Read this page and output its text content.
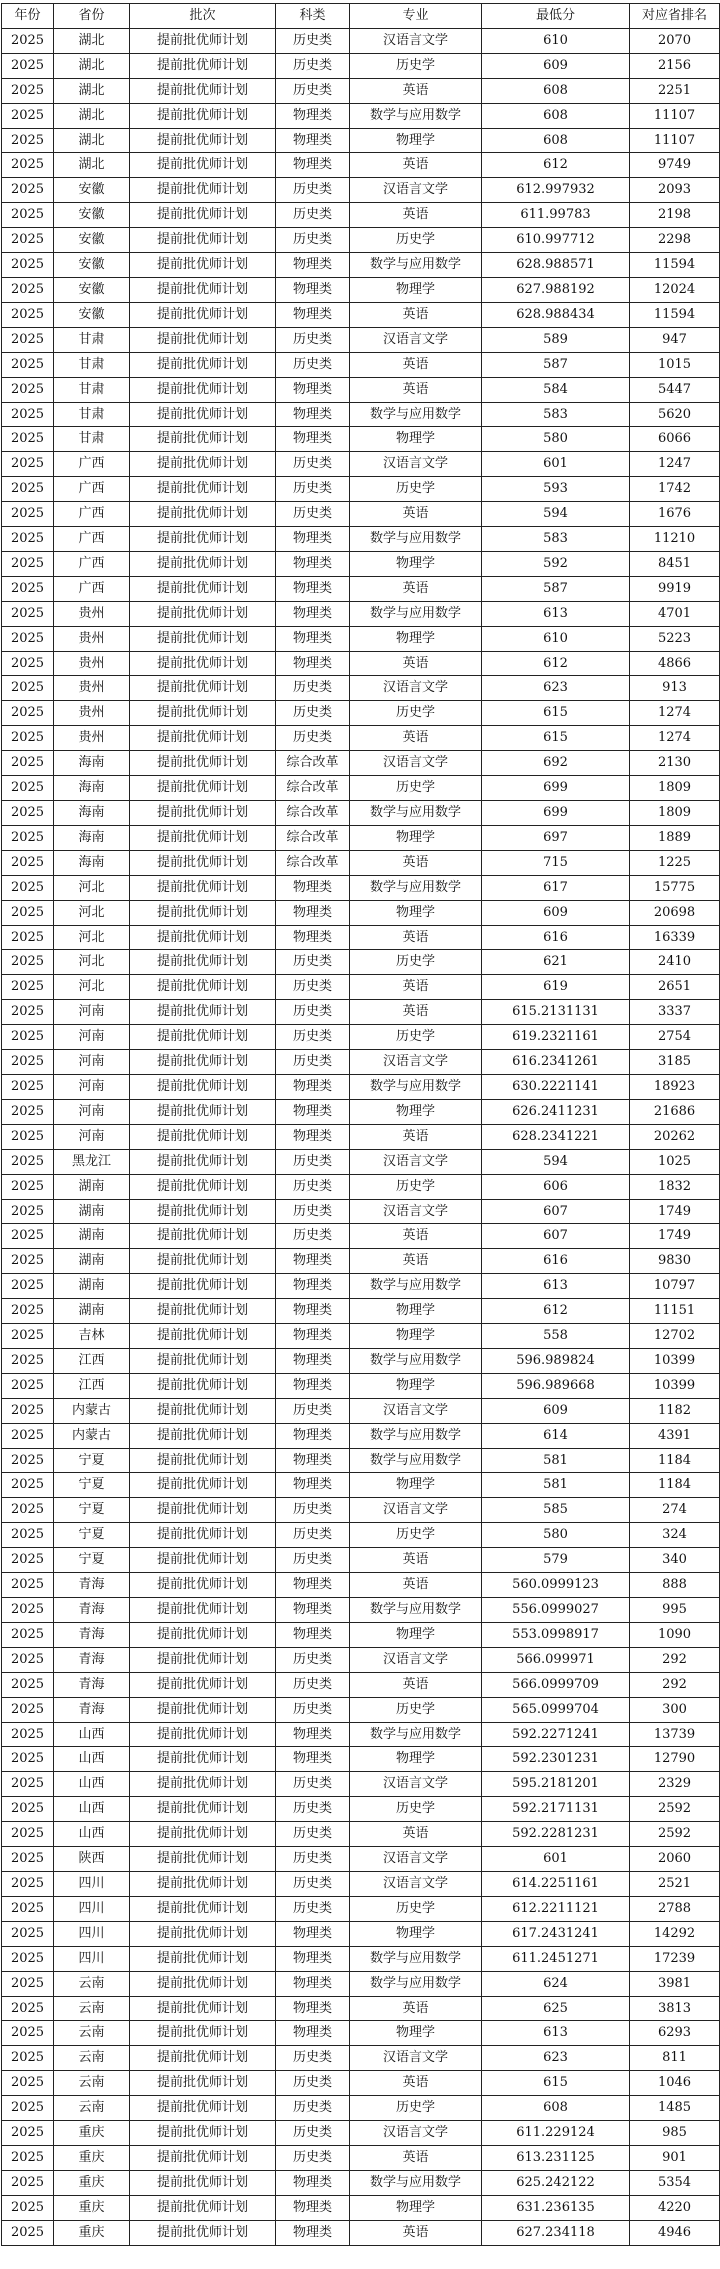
年份	省份	批次	科类	专业	最低分	对应省排名
2025	湖北	提前批优师计划	历史类	汉语言文学	610	2070
2025	湖北	提前批优师计划	历史类	历史学	609	2156
2025	湖北	提前批优师计划	历史类	英语	608	2251
2025	湖北	提前批优师计划	物理类	数学与应用数学	608	11107
2025	湖北	提前批优师计划	物理类	物理学	608	11107
2025	湖北	提前批优师计划	物理类	英语	612	9749
2025	安徽	提前批优师计划	历史类	汉语言文学	612.997932	2093
2025	安徽	提前批优师计划	历史类	英语	611.99783	2198
2025	安徽	提前批优师计划	历史类	历史学	610.997712	2298
2025	安徽	提前批优师计划	物理类	数学与应用数学	628.988571	11594
2025	安徽	提前批优师计划	物理类	物理学	627.988192	12024
2025	安徽	提前批优师计划	物理类	英语	628.988434	11594
2025	甘肃	提前批优师计划	历史类	汉语言文学	589	947
2025	甘肃	提前批优师计划	历史类	英语	587	1015
2025	甘肃	提前批优师计划	物理类	英语	584	5447
2025	甘肃	提前批优师计划	物理类	数学与应用数学	583	5620
2025	甘肃	提前批优师计划	物理类	物理学	580	6066
2025	广西	提前批优师计划	历史类	汉语言文学	601	1247
2025	广西	提前批优师计划	历史类	历史学	593	1742
2025	广西	提前批优师计划	历史类	英语	594	1676
2025	广西	提前批优师计划	物理类	数学与应用数学	583	11210
2025	广西	提前批优师计划	物理类	物理学	592	8451
2025	广西	提前批优师计划	物理类	英语	587	9919
2025	贵州	提前批优师计划	物理类	数学与应用数学	613	4701
2025	贵州	提前批优师计划	物理类	物理学	610	5223
2025	贵州	提前批优师计划	物理类	英语	612	4866
2025	贵州	提前批优师计划	历史类	汉语言文学	623	913
2025	贵州	提前批优师计划	历史类	历史学	615	1274
2025	贵州	提前批优师计划	历史类	英语	615	1274
2025	海南	提前批优师计划	综合改革	汉语言文学	692	2130
2025	海南	提前批优师计划	综合改革	历史学	699	1809
2025	海南	提前批优师计划	综合改革	数学与应用数学	699	1809
2025	海南	提前批优师计划	综合改革	物理学	697	1889
2025	海南	提前批优师计划	综合改革	英语	715	1225
2025	河北	提前批优师计划	物理类	数学与应用数学	617	15775
2025	河北	提前批优师计划	物理类	物理学	609	20698
2025	河北	提前批优师计划	物理类	英语	616	16339
2025	河北	提前批优师计划	历史类	历史学	621	2410
2025	河北	提前批优师计划	历史类	英语	619	2651
2025	河南	提前批优师计划	历史类	英语	615.2131131	3337
2025	河南	提前批优师计划	历史类	历史学	619.2321161	2754
2025	河南	提前批优师计划	历史类	汉语言文学	616.2341261	3185
2025	河南	提前批优师计划	物理类	数学与应用数学	630.2221141	18923
2025	河南	提前批优师计划	物理类	物理学	626.2411231	21686
2025	河南	提前批优师计划	物理类	英语	628.2341221	20262
2025	黑龙江	提前批优师计划	历史类	汉语言文学	594	1025
2025	湖南	提前批优师计划	历史类	历史学	606	1832
2025	湖南	提前批优师计划	历史类	汉语言文学	607	1749
2025	湖南	提前批优师计划	历史类	英语	607	1749
2025	湖南	提前批优师计划	物理类	英语	616	9830
2025	湖南	提前批优师计划	物理类	数学与应用数学	613	10797
2025	湖南	提前批优师计划	物理类	物理学	612	11151
2025	吉林	提前批优师计划	物理类	物理学	558	12702
2025	江西	提前批优师计划	物理类	数学与应用数学	596.989824	10399
2025	江西	提前批优师计划	物理类	物理学	596.989668	10399
2025	内蒙古	提前批优师计划	历史类	汉语言文学	609	1182
2025	内蒙古	提前批优师计划	物理类	数学与应用数学	614	4391
2025	宁夏	提前批优师计划	物理类	数学与应用数学	581	1184
2025	宁夏	提前批优师计划	物理类	物理学	581	1184
2025	宁夏	提前批优师计划	历史类	汉语言文学	585	274
2025	宁夏	提前批优师计划	历史类	历史学	580	324
2025	宁夏	提前批优师计划	历史类	英语	579	340
2025	青海	提前批优师计划	物理类	英语	560.0999123	888
2025	青海	提前批优师计划	物理类	数学与应用数学	556.0999027	995
2025	青海	提前批优师计划	物理类	物理学	553.0998917	1090
2025	青海	提前批优师计划	历史类	汉语言文学	566.099971	292
2025	青海	提前批优师计划	历史类	英语	566.0999709	292
2025	青海	提前批优师计划	历史类	历史学	565.0999704	300
2025	山西	提前批优师计划	物理类	数学与应用数学	592.2271241	13739
2025	山西	提前批优师计划	物理类	物理学	592.2301231	12790
2025	山西	提前批优师计划	历史类	汉语言文学	595.2181201	2329
2025	山西	提前批优师计划	历史类	历史学	592.2171131	2592
2025	山西	提前批优师计划	历史类	英语	592.2281231	2592
2025	陕西	提前批优师计划	历史类	汉语言文学	601	2060
2025	四川	提前批优师计划	历史类	汉语言文学	614.2251161	2521
2025	四川	提前批优师计划	历史类	历史学	612.2211121	2788
2025	四川	提前批优师计划	物理类	物理学	617.2431241	14292
2025	四川	提前批优师计划	物理类	数学与应用数学	611.2451271	17239
2025	云南	提前批优师计划	物理类	数学与应用数学	624	3981
2025	云南	提前批优师计划	物理类	英语	625	3813
2025	云南	提前批优师计划	物理类	物理学	613	6293
2025	云南	提前批优师计划	历史类	汉语言文学	623	811
2025	云南	提前批优师计划	历史类	英语	615	1046
2025	云南	提前批优师计划	历史类	历史学	608	1485
2025	重庆	提前批优师计划	历史类	汉语言文学	611.229124	985
2025	重庆	提前批优师计划	历史类	英语	613.231125	901
2025	重庆	提前批优师计划	物理类	数学与应用数学	625.242122	5354
2025	重庆	提前批优师计划	物理类	物理学	631.236135	4220
2025	重庆	提前批优师计划	物理类	英语	627.234118	4946
